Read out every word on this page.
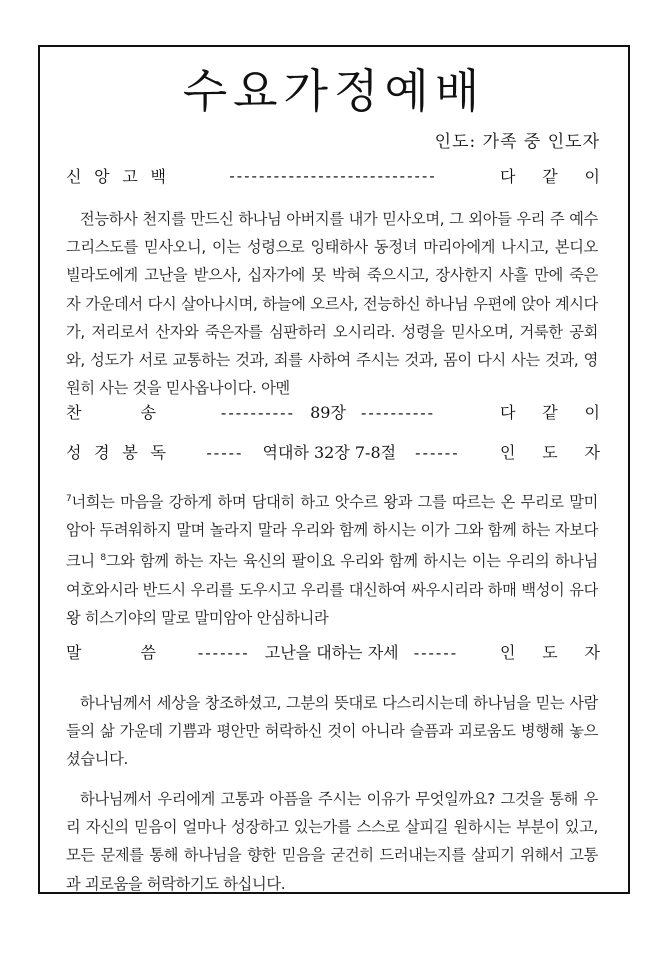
수요가정예배
인도: 가족 중 인도자
신 앙 고 백	----------------------------	다 같 이
전능하사 천지를 만드신 하나님 아버지를 내가 믿사오며, 그 외아들 우리 주 예수 그리스도를 믿사오니, 이는 성령으로 잉태하사 동정녀 마리아에게 나시고, 본디오 빌라도에게 고난을 받으사, 십자가에 못 박혀 죽으시고, 장사한지 사흘 만에 죽은 자 가운데서 다시 살아나시며, 하늘에 오르사, 전능하신 하나님 우편에 앉아 계시다가, 저리로서 산자와 죽은자를 심판하러 오시리라. 성령을 믿사오며, 거룩한 공회와, 성도가 서로 교통하는 것과, 죄를 사하여 주시는 것과, 몸이 다시 사는 것과, 영원히 사는 것을 믿사옵나이다. 아멘
찬	송	---------- 89장 ----------	다 같 이
성 경 봉 독	----- 역대하 32장 7-8절 ------	인 도 자
$^7$너희는 마음을 강하게 하며 담대히 하고 앗수르 왕과 그를 따르는 온 무리로 말미암아 두려워하지 말며 놀라지 말라 우리와 함께 하시는 이가 그와 함께 하는 자보다 크니 $^8$그와 함께 하는 자는 육신의 팔이요 우리와 함께 하시는 이는 우리의 하나님 여호와시라 반드시 우리를 도우시고 우리를 대신하여 싸우시리라 하매 백성이 유다 왕 히스기야의 말로 말미암아 안심하니라
말	씀	------- 고난을 대하는 자세 ------	인 도 자
하나님께서 세상을 창조하셨고, 그분의 뜻대로 다스리시는데 하나님을 믿는 사람들의 삶 가운데 기쁨과 평안만 허락하신 것이 아니라 슬픔과 괴로움도 병행해 놓으셨습니다.
하나님께서 우리에게 고통과 아픔을 주시는 이유가 무엇일까요? 그것을 통해 우리 자신의 믿음이 얼마나 성장하고 있는가를 스스로 살피길 원하시는 부분이 있고, 모든 문제를 통해 하나님을 향한 믿음을 굳건히 드러내는지를 살피기 위해서 고통과 괴로움을 허락하기도 하십니다.
